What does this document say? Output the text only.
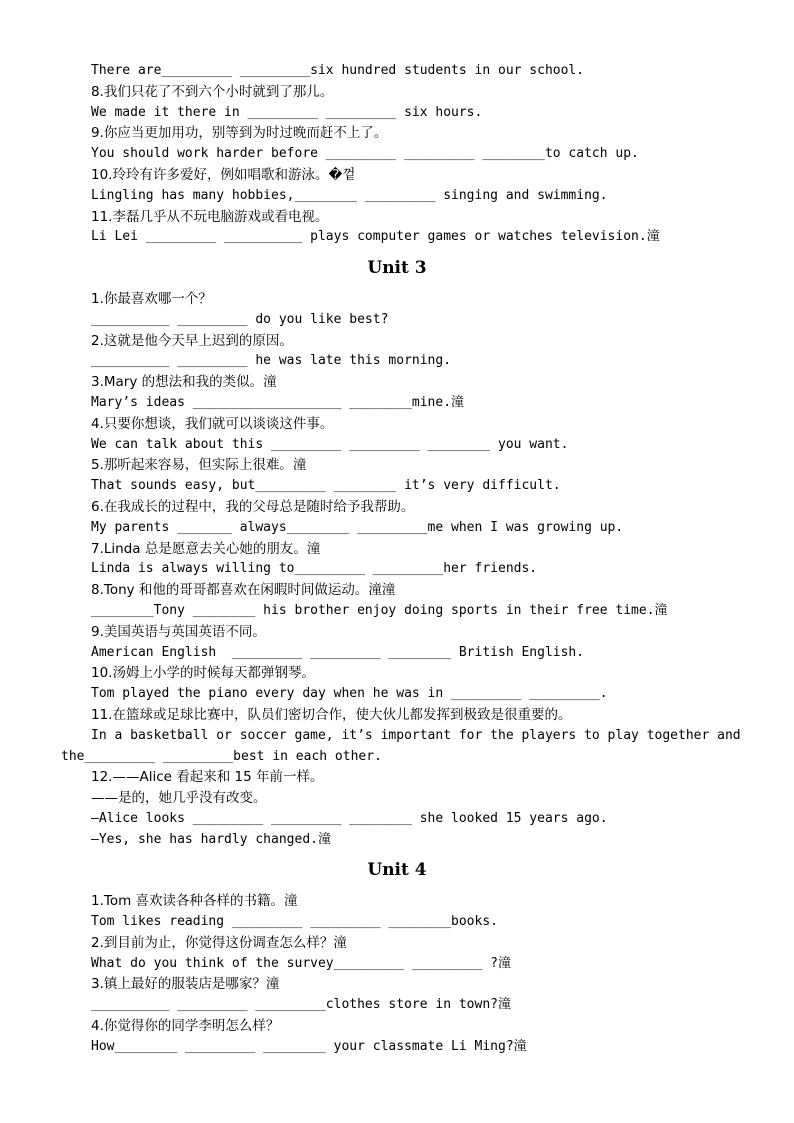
There are_________ _________six hundred students in our school.
8.我们只花了不到六个小时就到了那儿。
We made it there in _________ _________ six hours.
9.你应当更加用功，别等到为时过晚而赶不上了。
You should work harder before _________ _________ ________to catch up.
10.玲玲有许多爱好，例如唱歌和游泳。�껕
Lingling has many hobbies,________ _________ singing and swimming.
11.李磊几乎从不玩电脑游戏或看电视。
Li Lei _________ __________ plays computer games or watches television.潼
Unit 3
1.你最喜欢哪一个？
__________ _________ do you like best?
2.这就是他今天早上迟到的原因。
__________ _________ he was late this morning.
3.Mary 的想法和我的类似。潼
Mary’s ideas ___________________ ________mine.潼
4.只要你想谈，我们就可以谈谈这件事。
We can talk about this _________ _________ ________ you want.
5.那听起来容易，但实际上很难。潼
That sounds easy, but_________ ________ it’s very difficult.
6.在我成长的过程中，我的父母总是随时给予我帮助。
My parents _______ always________ _________me when I was growing up.
7.Linda 总是愿意去关心她的朋友。潼
Linda is always willing to_________ _________her friends.
8.Tony 和他的哥哥都喜欢在闲暇时间做运动。潼潼
________Tony ________ his brother enjoy doing sports in their free time.潼
9.美国英语与英国英语不同。
American English  _________ _________ ________ British English.
10.汤姆上小学的时候每天都弹钢琴。
Tom played the piano every day when he was in _________ _________.
11.在篮球或足球比赛中，队员们密切合作，使大伙儿都发挥到极致是很重要的。
In a basketball or soccer game, it’s important for the players to play together and
the_________ _________best in each other.
12.——Alice 看起来和 15 年前一样。
——是的，她几乎没有改变。
—Alice looks _________ _________ ________ she looked 15 years ago.
—Yes, she has hardly changed.潼
Unit 4
1.Tom 喜欢读各种各样的书籍。潼
Tom likes reading _________ _________ ________books.
2.到目前为止，你觉得这份调查怎么样？潼
What do you think of the survey_________ _________ ?潼
3.镇上最好的服装店是哪家？潼
__________ _________ _________clothes store in town?潼
4.你觉得你的同学李明怎么样？
How________ _________ ________ your classmate Li Ming?潼
